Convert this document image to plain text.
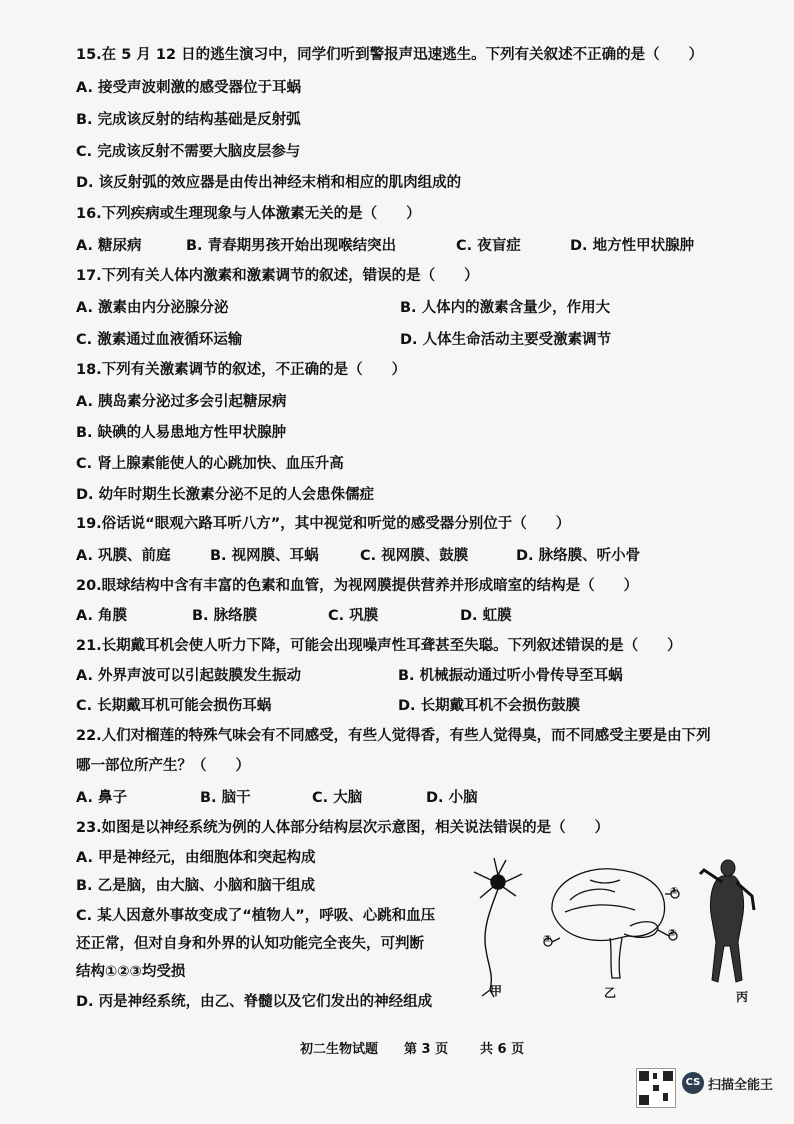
15.在 5 月 12 日的逃生演习中，同学们听到警报声迅速逃生。下列有关叙述不正确的是（　　）
A. 接受声波刺激的感受器位于耳蜗
B. 完成该反射的结构基础是反射弧
C. 完成该反射不需要大脑皮层参与
D. 该反射弧的效应器是由传出神经末梢和相应的肌肉组成的
16.下列疾病或生理现象与人体激素无关的是（　　）
A. 糖尿病	B. 青春期男孩开始出现喉结突出	C. 夜盲症	D. 地方性甲状腺肿
17.下列有关人体内激素和激素调节的叙述，错误的是（　　）
A. 激素由内分泌腺分泌	B. 人体内的激素含量少，作用大
C. 激素通过血液循环运输	D. 人体生命活动主要受激素调节
18.下列有关激素调节的叙述，不正确的是（　　）
A. 胰岛素分泌过多会引起糖尿病
B. 缺碘的人易患地方性甲状腺肿
C. 肾上腺素能使人的心跳加快、血压升高
D. 幼年时期生长激素分泌不足的人会患侏儒症
19.俗话说“眼观六路耳听八方”，其中视觉和听觉的感受器分别位于（　　）
A. 巩膜、前庭	B. 视网膜、耳蜗	C. 视网膜、鼓膜	D. 脉络膜、听小骨
20.眼球结构中含有丰富的色素和血管，为视网膜提供营养并形成暗室的结构是（　　）
A. 角膜	B. 脉络膜	C. 巩膜	D. 虹膜
21.长期戴耳机会使人听力下降，可能会出现噪声性耳聋甚至失聪。下列叙述错误的是（　　）
A. 外界声波可以引起鼓膜发生振动	B. 机械振动通过听小骨传导至耳蜗
C. 长期戴耳机可能会损伤耳蜗	D. 长期戴耳机不会损伤鼓膜
22.人们对榴莲的特殊气味会有不同感受，有些人觉得香，有些人觉得臭，而不同感受主要是由下列
哪一部位所产生？（　　）
A. 鼻子	B. 脑干	C. 大脑	D. 小脑
23.如图是以神经系统为例的人体部分结构层次示意图，相关说法错误的是（　　）
A. 甲是神经元，由细胞体和突起构成
B. 乙是脑，由大脑、小脑和脑干组成
C. 某人因意外事故变成了“植物人”，呼吸、心跳和血压
还正常，但对自身和外界的认知功能完全丧失，可判断
结构①②③均受损
D. 丙是神经系统，由乙、脊髓以及它们发出的神经组成
甲	乙	丙
①
②
③
初二生物试题 第 3 页 共 6 页
CS 扫描全能王
